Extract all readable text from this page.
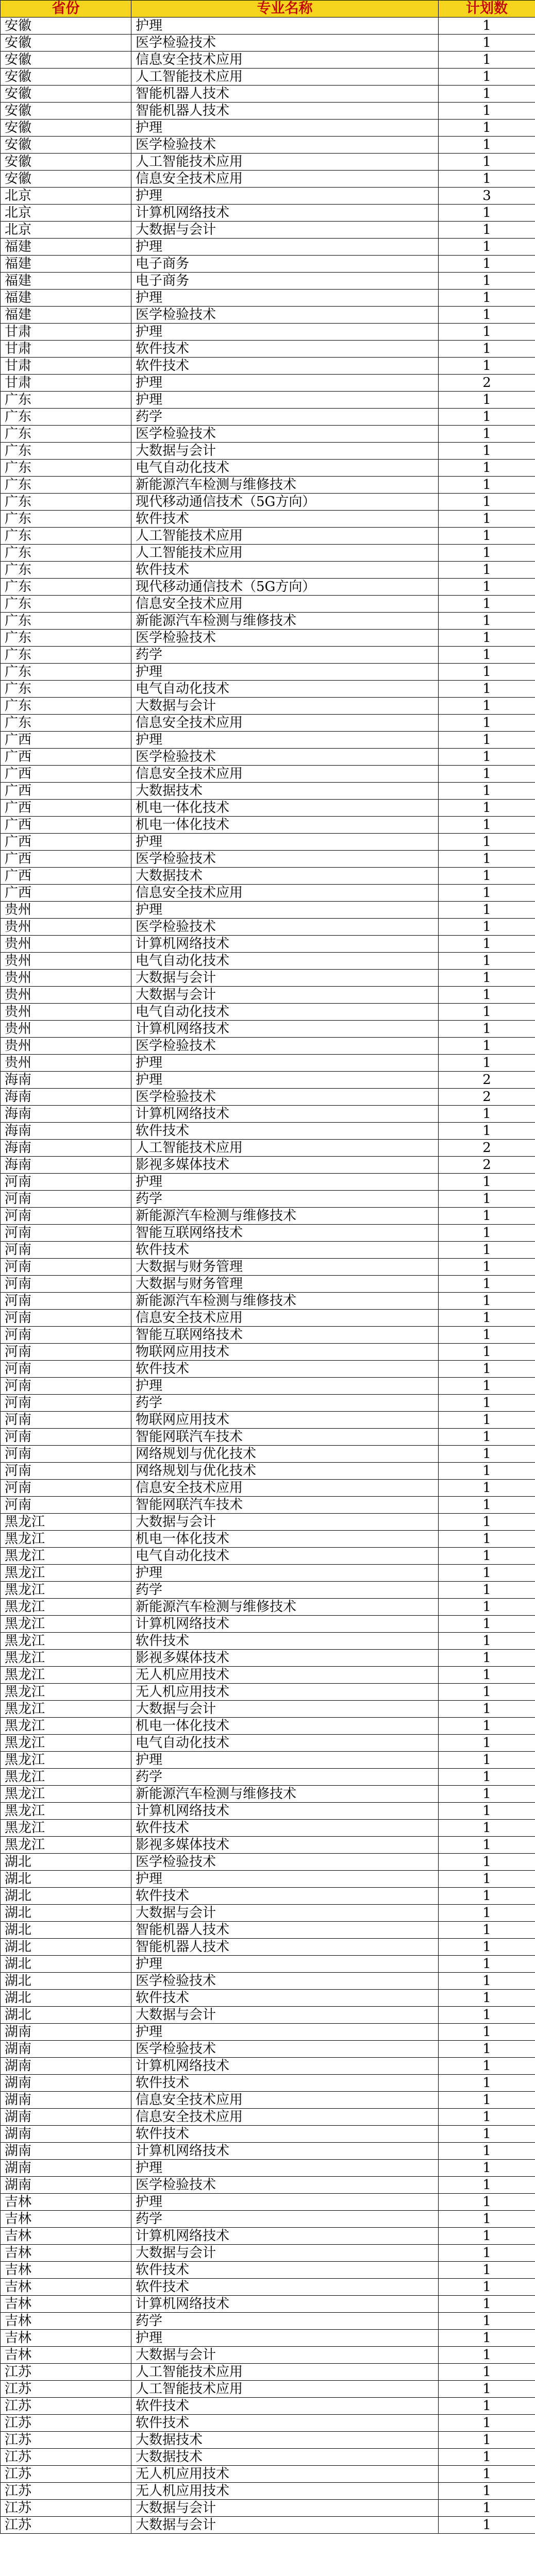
省份	专业名称	计划数
安徽	护理	1
安徽	医学检验技术	1
安徽	信息安全技术应用	1
安徽	人工智能技术应用	1
安徽	智能机器人技术	1
安徽	智能机器人技术	1
安徽	护理	1
安徽	医学检验技术	1
安徽	人工智能技术应用	1
安徽	信息安全技术应用	1
北京	护理	3
北京	计算机网络技术	1
北京	大数据与会计	1
福建	护理	1
福建	电子商务	1
福建	电子商务	1
福建	护理	1
福建	医学检验技术	1
甘肃	护理	1
甘肃	软件技术	1
甘肃	软件技术	1
甘肃	护理	2
广东	护理	1
广东	药学	1
广东	医学检验技术	1
广东	大数据与会计	1
广东	电气自动化技术	1
广东	新能源汽车检测与维修技术	1
广东	现代移动通信技术（5G方向）	1
广东	软件技术	1
广东	人工智能技术应用	1
广东	人工智能技术应用	1
广东	软件技术	1
广东	现代移动通信技术（5G方向）	1
广东	信息安全技术应用	1
广东	新能源汽车检测与维修技术	1
广东	医学检验技术	1
广东	药学	1
广东	护理	1
广东	电气自动化技术	1
广东	大数据与会计	1
广东	信息安全技术应用	1
广西	护理	1
广西	医学检验技术	1
广西	信息安全技术应用	1
广西	大数据技术	1
广西	机电一体化技术	1
广西	机电一体化技术	1
广西	护理	1
广西	医学检验技术	1
广西	大数据技术	1
广西	信息安全技术应用	1
贵州	护理	1
贵州	医学检验技术	1
贵州	计算机网络技术	1
贵州	电气自动化技术	1
贵州	大数据与会计	1
贵州	大数据与会计	1
贵州	电气自动化技术	1
贵州	计算机网络技术	1
贵州	医学检验技术	1
贵州	护理	1
海南	护理	2
海南	医学检验技术	2
海南	计算机网络技术	1
海南	软件技术	1
海南	人工智能技术应用	2
海南	影视多媒体技术	2
河南	护理	1
河南	药学	1
河南	新能源汽车检测与维修技术	1
河南	智能互联网络技术	1
河南	软件技术	1
河南	大数据与财务管理	1
河南	大数据与财务管理	1
河南	新能源汽车检测与维修技术	1
河南	信息安全技术应用	1
河南	智能互联网络技术	1
河南	物联网应用技术	1
河南	软件技术	1
河南	护理	1
河南	药学	1
河南	物联网应用技术	1
河南	智能网联汽车技术	1
河南	网络规划与优化技术	1
河南	网络规划与优化技术	1
河南	信息安全技术应用	1
河南	智能网联汽车技术	1
黑龙江	大数据与会计	1
黑龙江	机电一体化技术	1
黑龙江	电气自动化技术	1
黑龙江	护理	1
黑龙江	药学	1
黑龙江	新能源汽车检测与维修技术	1
黑龙江	计算机网络技术	1
黑龙江	软件技术	1
黑龙江	影视多媒体技术	1
黑龙江	无人机应用技术	1
黑龙江	无人机应用技术	1
黑龙江	大数据与会计	1
黑龙江	机电一体化技术	1
黑龙江	电气自动化技术	1
黑龙江	护理	1
黑龙江	药学	1
黑龙江	新能源汽车检测与维修技术	1
黑龙江	计算机网络技术	1
黑龙江	软件技术	1
黑龙江	影视多媒体技术	1
湖北	医学检验技术	1
湖北	护理	1
湖北	软件技术	1
湖北	大数据与会计	1
湖北	智能机器人技术	1
湖北	智能机器人技术	1
湖北	护理	1
湖北	医学检验技术	1
湖北	软件技术	1
湖北	大数据与会计	1
湖南	护理	1
湖南	医学检验技术	1
湖南	计算机网络技术	1
湖南	软件技术	1
湖南	信息安全技术应用	1
湖南	信息安全技术应用	1
湖南	软件技术	1
湖南	计算机网络技术	1
湖南	护理	1
湖南	医学检验技术	1
吉林	护理	1
吉林	药学	1
吉林	计算机网络技术	1
吉林	大数据与会计	1
吉林	软件技术	1
吉林	软件技术	1
吉林	计算机网络技术	1
吉林	药学	1
吉林	护理	1
吉林	大数据与会计	1
江苏	人工智能技术应用	1
江苏	人工智能技术应用	1
江苏	软件技术	1
江苏	软件技术	1
江苏	大数据技术	1
江苏	大数据技术	1
江苏	无人机应用技术	1
江苏	无人机应用技术	1
江苏	大数据与会计	1
江苏	大数据与会计	1
